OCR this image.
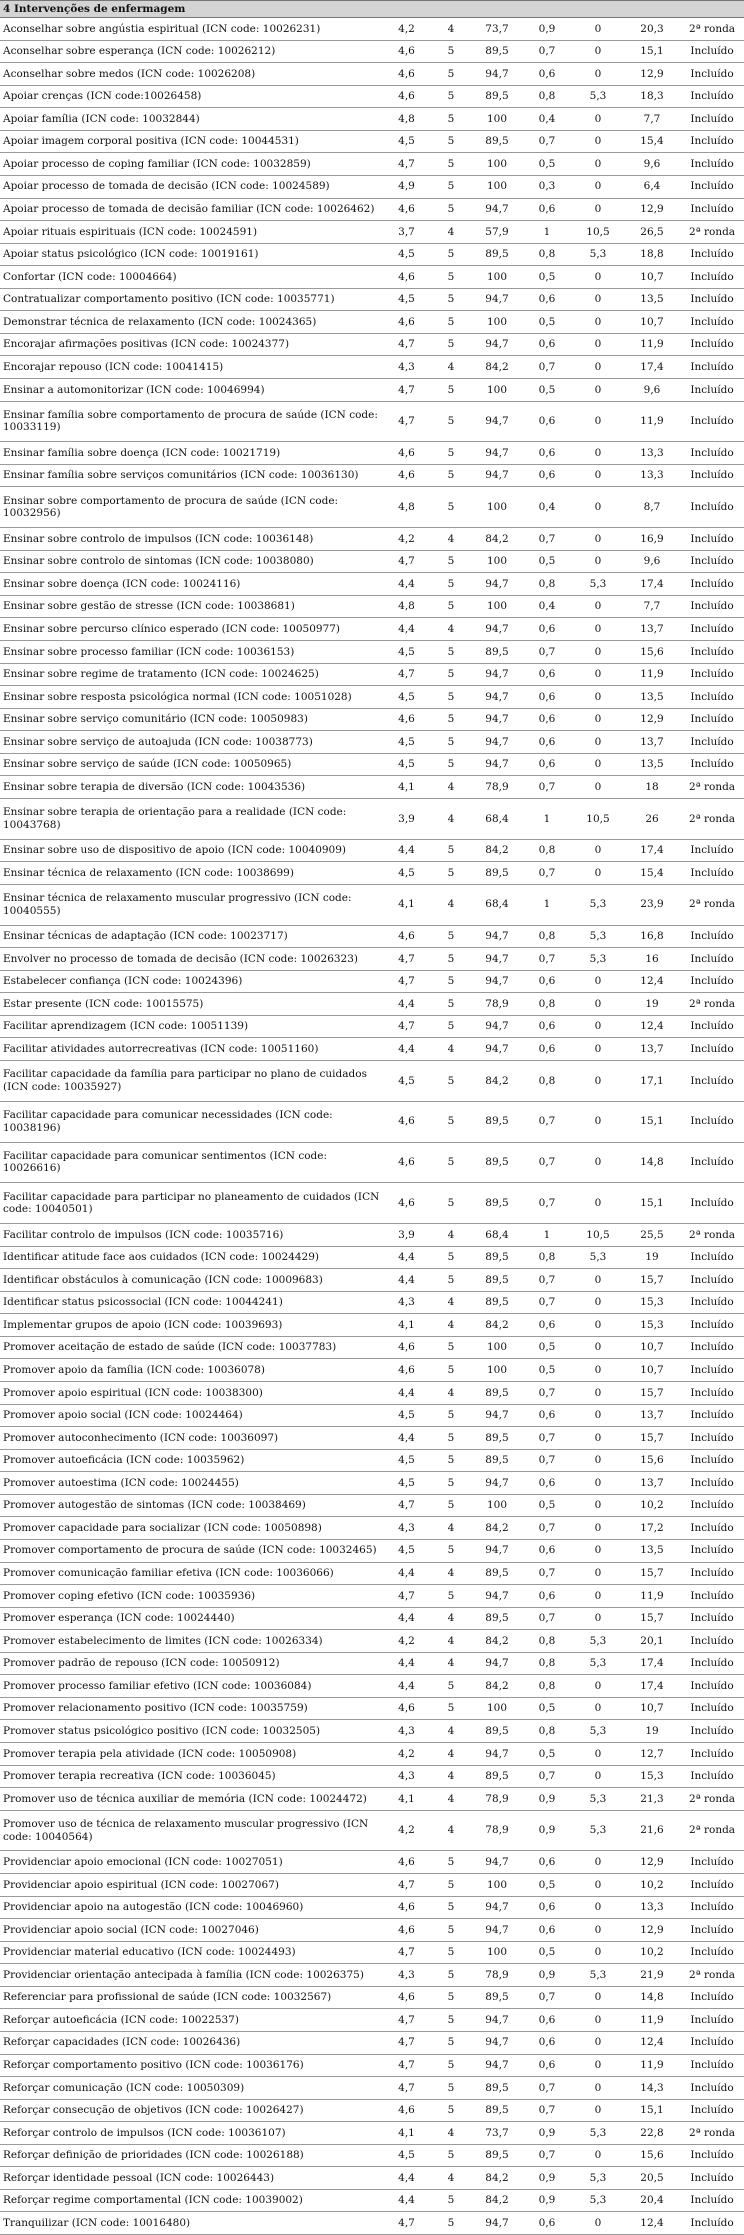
4 Intervenções de enfermagem							
Aconselhar sobre angústia espiritual (ICN code: 10026231)	4,2	4	73,7	0,9	0	20,3	2ª ronda
Aconselhar sobre esperança (ICN code: 10026212)	4,6	5	89,5	0,7	0	15,1	Incluído
Aconselhar sobre medos (ICN code: 10026208)	4,6	5	94,7	0,6	0	12,9	Incluído
Apoiar crenças (ICN code:10026458)	4,6	5	89,5	0,8	5,3	18,3	Incluído
Apoiar família (ICN code: 10032844)	4,8	5	100	0,4	0	7,7	Incluído
Apoiar imagem corporal positiva (ICN code: 10044531)	4,5	5	89,5	0,7	0	15,4	Incluído
Apoiar processo de coping familiar (ICN code: 10032859)	4,7	5	100	0,5	0	9,6	Incluído
Apoiar processo de tomada de decisão (ICN code: 10024589)	4,9	5	100	0,3	0	6,4	Incluído
Apoiar processo de tomada de decisão familiar (ICN code: 10026462)	4,6	5	94,7	0,6	0	12,9	Incluído
Apoiar rituais espirituais (ICN code: 10024591)	3,7	4	57,9	1	10,5	26,5	2ª ronda
Apoiar status psicológico (ICN code: 10019161)	4,5	5	89,5	0,8	5,3	18,8	Incluído
Confortar (ICN code: 10004664)	4,6	5	100	0,5	0	10,7	Incluído
Contratualizar comportamento positivo (ICN code: 10035771)	4,5	5	94,7	0,6	0	13,5	Incluído
Demonstrar técnica de relaxamento (ICN code: 10024365)	4,6	5	100	0,5	0	10,7	Incluído
Encorajar afirmações positivas (ICN code: 10024377)	4,7	5	94,7	0,6	0	11,9	Incluído
Encorajar repouso (ICN code: 10041415)	4,3	4	84,2	0,7	0	17,4	Incluído
Ensinar a automonitorizar (ICN code: 10046994)	4,7	5	100	0,5	0	9,6	Incluído
Ensinar família sobre comportamento de procura de saúde (ICN code: 10033119)	4,7	5	94,7	0,6	0	11,9	Incluído
Ensinar família sobre doença (ICN code: 10021719)	4,6	5	94,7	0,6	0	13,3	Incluído
Ensinar família sobre serviços comunitários (ICN code: 10036130)	4,6	5	94,7	0,6	0	13,3	Incluído
Ensinar sobre comportamento de procura de saúde (ICN code: 10032956)	4,8	5	100	0,4	0	8,7	Incluído
Ensinar sobre controlo de impulsos (ICN code: 10036148)	4,2	4	84,2	0,7	0	16,9	Incluído
Ensinar sobre controlo de sintomas (ICN code: 10038080)	4,7	5	100	0,5	0	9,6	Incluído
Ensinar sobre doença (ICN code: 10024116)	4,4	5	94,7	0,8	5,3	17,4	Incluído
Ensinar sobre gestão de stresse (ICN code: 10038681)	4,8	5	100	0,4	0	7,7	Incluído
Ensinar sobre percurso clínico esperado (ICN code: 10050977)	4,4	4	94,7	0,6	0	13,7	Incluído
Ensinar sobre processo familiar (ICN code: 10036153)	4,5	5	89,5	0,7	0	15,6	Incluído
Ensinar sobre regime de tratamento (ICN code: 10024625)	4,7	5	94,7	0,6	0	11,9	Incluído
Ensinar sobre resposta psicológica normal (ICN code: 10051028)	4,5	5	94,7	0,6	0	13,5	Incluído
Ensinar sobre serviço comunitário (ICN code: 10050983)	4,6	5	94,7	0,6	0	12,9	Incluído
Ensinar sobre serviço de autoajuda (ICN code: 10038773)	4,5	5	94,7	0,6	0	13,7	Incluído
Ensinar sobre serviço de saúde (ICN code: 10050965)	4,5	5	94,7	0,6	0	13,5	Incluído
Ensinar sobre terapia de diversão (ICN code: 10043536)	4,1	4	78,9	0,7	0	18	2ª ronda
Ensinar sobre terapia de orientação para a realidade (ICN code: 10043768)	3,9	4	68,4	1	10,5	26	2ª ronda
Ensinar sobre uso de dispositivo de apoio (ICN code: 10040909)	4,4	5	84,2	0,8	0	17,4	Incluído
Ensinar técnica de relaxamento (ICN code: 10038699)	4,5	5	89,5	0,7	0	15,4	Incluído
Ensinar técnica de relaxamento muscular progressivo (ICN code: 10040555)	4,1	4	68,4	1	5,3	23,9	2ª ronda
Ensinar técnicas de adaptação (ICN code: 10023717)	4,6	5	94,7	0,8	5,3	16,8	Incluído
Envolver no processo de tomada de decisão (ICN code: 10026323)	4,7	5	94,7	0,7	5,3	16	Incluído
Estabelecer confiança (ICN code: 10024396)	4,7	5	94,7	0,6	0	12,4	Incluído
Estar presente (ICN code: 10015575)	4,4	5	78,9	0,8	0	19	2ª ronda
Facilitar aprendizagem (ICN code: 10051139)	4,7	5	94,7	0,6	0	12,4	Incluído
Facilitar atividades autorrecreativas (ICN code: 10051160)	4,4	4	94,7	0,6	0	13,7	Incluído
Facilitar capacidade da família para participar no plano de cuidados (ICN code: 10035927)	4,5	5	84,2	0,8	0	17,1	Incluído
Facilitar capacidade para comunicar necessidades (ICN code: 10038196)	4,6	5	89,5	0,7	0	15,1	Incluído
Facilitar capacidade para comunicar sentimentos (ICN code: 10026616)	4,6	5	89,5	0,7	0	14,8	Incluído
Facilitar capacidade para participar no planeamento de cuidados (ICN code: 10040501)	4,6	5	89,5	0,7	0	15,1	Incluído
Facilitar controlo de impulsos (ICN code: 10035716)	3,9	4	68,4	1	10,5	25,5	2ª ronda
Identificar atitude face aos cuidados (ICN code: 10024429)	4,4	5	89,5	0,8	5,3	19	Incluído
Identificar obstáculos à comunicação (ICN code: 10009683)	4,4	5	89,5	0,7	0	15,7	Incluído
Identificar status psicossocial (ICN code: 10044241)	4,3	4	89,5	0,7	0	15,3	Incluído
Implementar grupos de apoio (ICN code: 10039693)	4,1	4	84,2	0,6	0	15,3	Incluído
Promover aceitação de estado de saúde (ICN code: 10037783)	4,6	5	100	0,5	0	10,7	Incluído
Promover apoio da família (ICN code: 10036078)	4,6	5	100	0,5	0	10,7	Incluído
Promover apoio espiritual (ICN code: 10038300)	4,4	4	89,5	0,7	0	15,7	Incluído
Promover apoio social (ICN code: 10024464)	4,5	5	94,7	0,6	0	13,7	Incluído
Promover autoconhecimento (ICN code: 10036097)	4,4	5	89,5	0,7	0	15,7	Incluído
Promover autoeficácia (ICN code: 10035962)	4,5	5	89,5	0,7	0	15,6	Incluído
Promover autoestima (ICN code: 10024455)	4,5	5	94,7	0,6	0	13,7	Incluído
Promover autogestão de sintomas (ICN code: 10038469)	4,7	5	100	0,5	0	10,2	Incluído
Promover capacidade para socializar (ICN code: 10050898)	4,3	4	84,2	0,7	0	17,2	Incluído
Promover comportamento de procura de saúde (ICN code: 10032465)	4,5	5	94,7	0,6	0	13,5	Incluído
Promover comunicação familiar efetiva (ICN code: 10036066)	4,4	4	89,5	0,7	0	15,7	Incluído
Promover coping efetivo (ICN code: 10035936)	4,7	5	94,7	0,6	0	11,9	Incluído
Promover esperança (ICN code: 10024440)	4,4	4	89,5	0,7	0	15,7	Incluído
Promover estabelecimento de limites (ICN code: 10026334)	4,2	4	84,2	0,8	5,3	20,1	Incluído
Promover padrão de repouso (ICN code: 10050912)	4,4	4	94,7	0,8	5,3	17,4	Incluído
Promover processo familiar efetivo (ICN code: 10036084)	4,4	5	84,2	0,8	0	17,4	Incluído
Promover relacionamento positivo (ICN code: 10035759)	4,6	5	100	0,5	0	10,7	Incluído
Promover status psicológico positivo (ICN code: 10032505)	4,3	4	89,5	0,8	5,3	19	Incluído
Promover terapia pela atividade (ICN code: 10050908)	4,2	4	94,7	0,5	0	12,7	Incluído
Promover terapia recreativa (ICN code: 10036045)	4,3	4	89,5	0,7	0	15,3	Incluído
Promover uso de técnica auxiliar de memória (ICN code: 10024472)	4,1	4	78,9	0,9	5,3	21,3	2ª ronda
Promover uso de técnica de relaxamento muscular progressivo (ICN code: 10040564)	4,2	4	78,9	0,9	5,3	21,6	2ª ronda
Providenciar apoio emocional (ICN code: 10027051)	4,6	5	94,7	0,6	0	12,9	Incluído
Providenciar apoio espiritual (ICN code: 10027067)	4,7	5	100	0,5	0	10,2	Incluído
Providenciar apoio na autogestão (ICN code: 10046960)	4,6	5	94,7	0,6	0	13,3	Incluído
Providenciar apoio social (ICN code: 10027046)	4,6	5	94,7	0,6	0	12,9	Incluído
Providenciar material educativo (ICN code: 10024493)	4,7	5	100	0,5	0	10,2	Incluído
Providenciar orientação antecipada à família (ICN code: 10026375)	4,3	5	78,9	0,9	5,3	21,9	2ª ronda
Referenciar para profissional de saúde (ICN code: 10032567)	4,6	5	89,5	0,7	0	14,8	Incluído
Reforçar autoeficácia (ICN code: 10022537)	4,7	5	94,7	0,6	0	11,9	Incluído
Reforçar capacidades (ICN code: 10026436)	4,7	5	94,7	0,6	0	12,4	Incluído
Reforçar comportamento positivo (ICN code: 10036176)	4,7	5	94,7	0,6	0	11,9	Incluído
Reforçar comunicação (ICN code: 10050309)	4,7	5	89,5	0,7	0	14,3	Incluído
Reforçar consecução de objetivos (ICN code: 10026427)	4,6	5	89,5	0,7	0	15,1	Incluído
Reforçar controlo de impulsos (ICN code: 10036107)	4,1	4	73,7	0,9	5,3	22,8	2ª ronda
Reforçar definição de prioridades (ICN code: 10026188)	4,5	5	89,5	0,7	0	15,6	Incluído
Reforçar identidade pessoal (ICN code: 10026443)	4,4	4	84,2	0,9	5,3	20,5	Incluído
Reforçar regime comportamental (ICN code: 10039002)	4,4	5	84,2	0,9	5,3	20,4	Incluído
Tranquilizar (ICN code: 10016480)	4,7	5	94,7	0,6	0	12,4	Incluído
